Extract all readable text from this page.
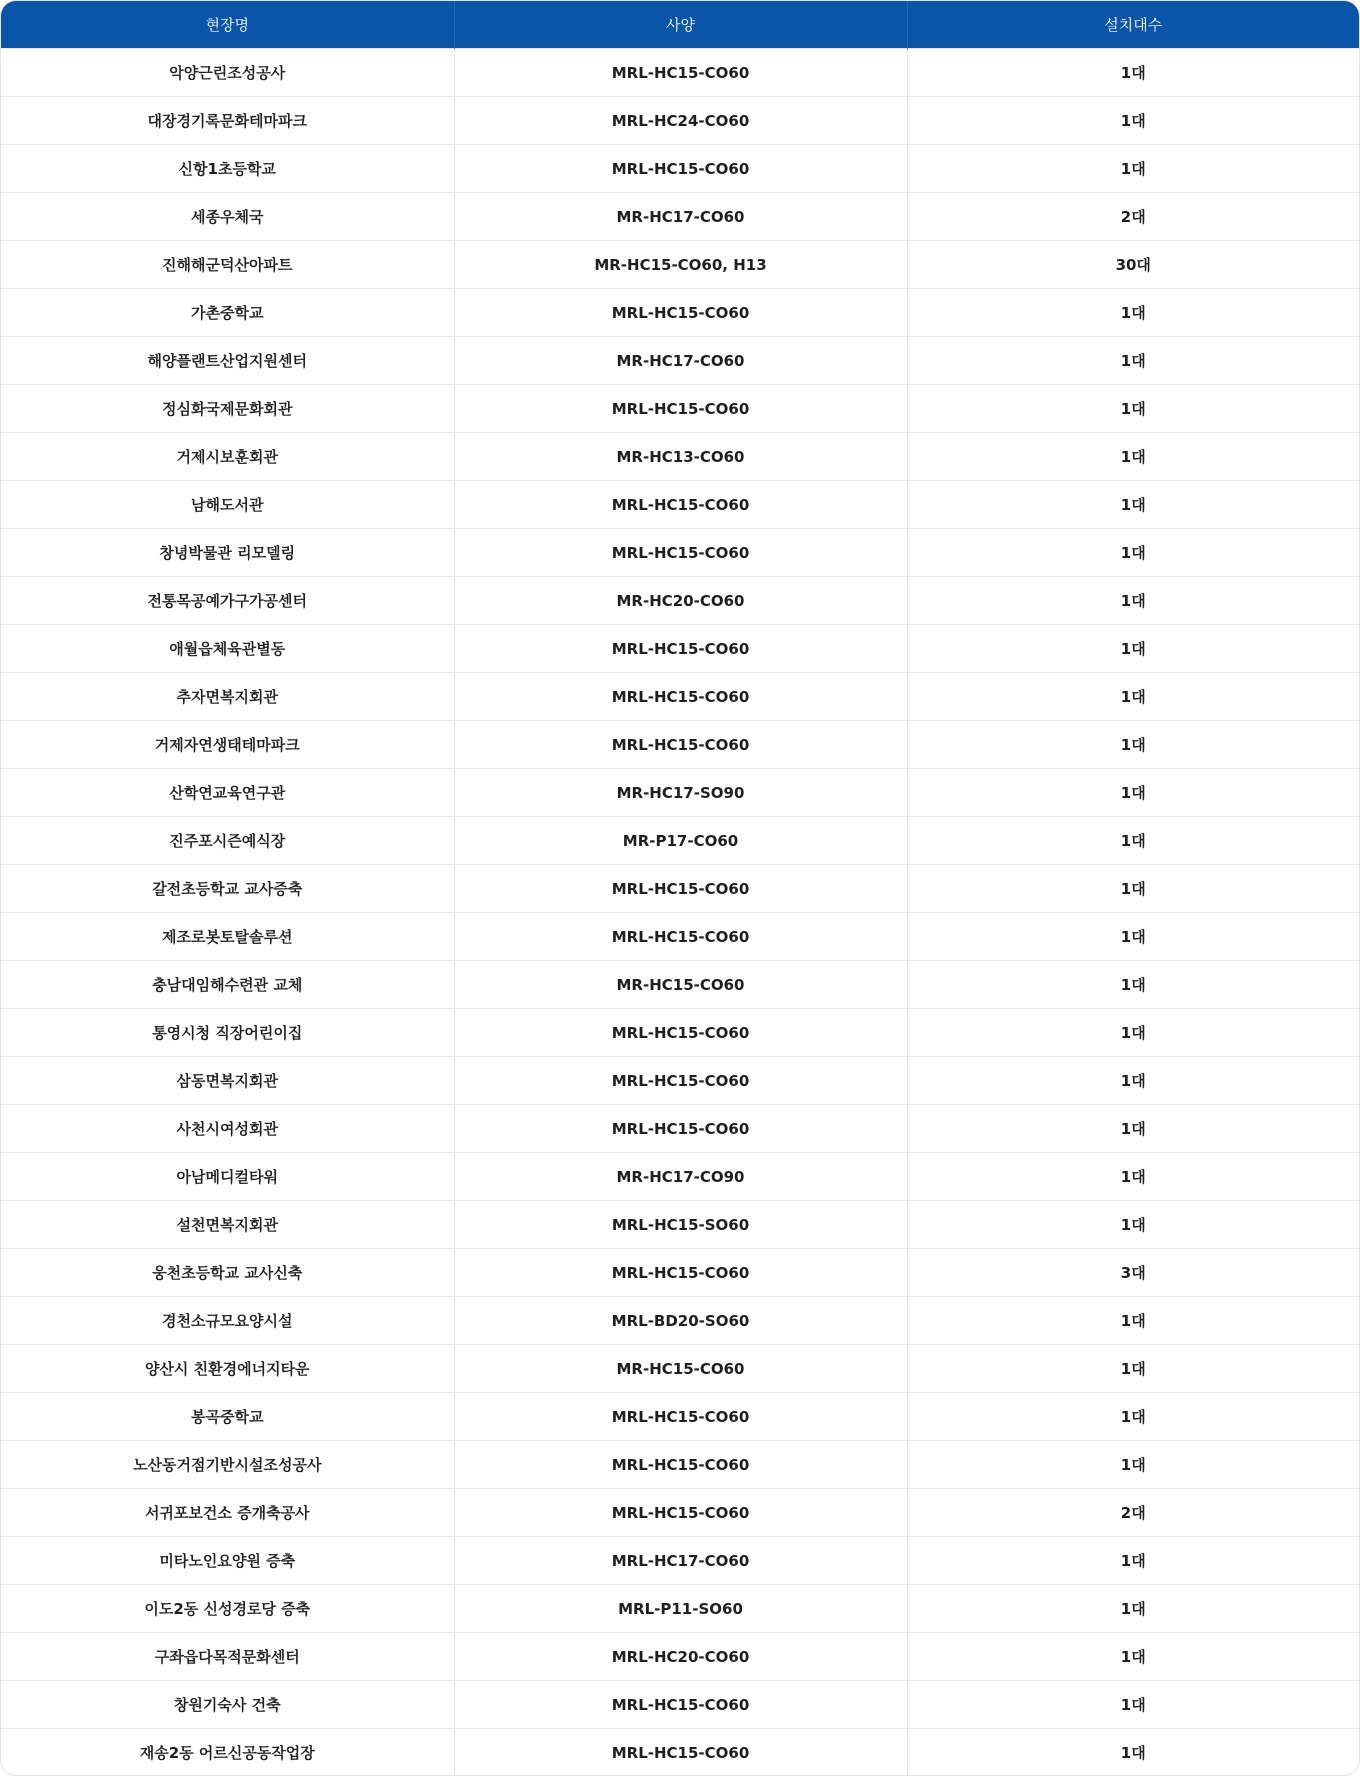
현장명	사양	설치대수
악양근린조성공사	MRL-HC15-CO60	1대
대장경기록문화테마파크	MRL-HC24-CO60	1대
신항1초등학교	MRL-HC15-CO60	1대
세종우체국	MR-HC17-CO60	2대
진해해군덕산아파트	MR-HC15-CO60, H13	30대
가촌중학교	MRL-HC15-CO60	1대
해양플랜트산업지원센터	MR-HC17-CO60	1대
정심화국제문화회관	MRL-HC15-CO60	1대
거제시보훈회관	MR-HC13-CO60	1대
남해도서관	MRL-HC15-CO60	1대
창녕박물관 리모델링	MRL-HC15-CO60	1대
전통목공예가구가공센터	MR-HC20-CO60	1대
애월읍체육관별동	MRL-HC15-CO60	1대
추자면복지회관	MRL-HC15-CO60	1대
거제자연생태테마파크	MRL-HC15-CO60	1대
산학연교육연구관	MR-HC17-SO90	1대
진주포시즌예식장	MR-P17-CO60	1대
갈전초등학교 교사증축	MRL-HC15-CO60	1대
제조로봇토탈솔루션	MRL-HC15-CO60	1대
충남대임해수련관 교체	MR-HC15-CO60	1대
통영시청 직장어린이집	MRL-HC15-CO60	1대
삼동면복지회관	MRL-HC15-CO60	1대
사천시여성회관	MRL-HC15-CO60	1대
아남메디컬타워	MR-HC17-CO90	1대
설천면복지회관	MRL-HC15-SO60	1대
웅천초등학교 교사신축	MRL-HC15-CO60	3대
경천소규모요양시설	MRL-BD20-SO60	1대
양산시 친환경에너지타운	MR-HC15-CO60	1대
봉곡중학교	MRL-HC15-CO60	1대
노산동거점기반시설조성공사	MRL-HC15-CO60	1대
서귀포보건소 증개축공사	MRL-HC15-CO60	2대
미타노인요양원 증축	MRL-HC17-CO60	1대
이도2동 신성경로당 증축	MRL-P11-SO60	1대
구좌읍다목적문화센터	MRL-HC20-CO60	1대
창원기숙사 건축	MRL-HC15-CO60	1대
재송2동 어르신공동작업장	MRL-HC15-CO60	1대
